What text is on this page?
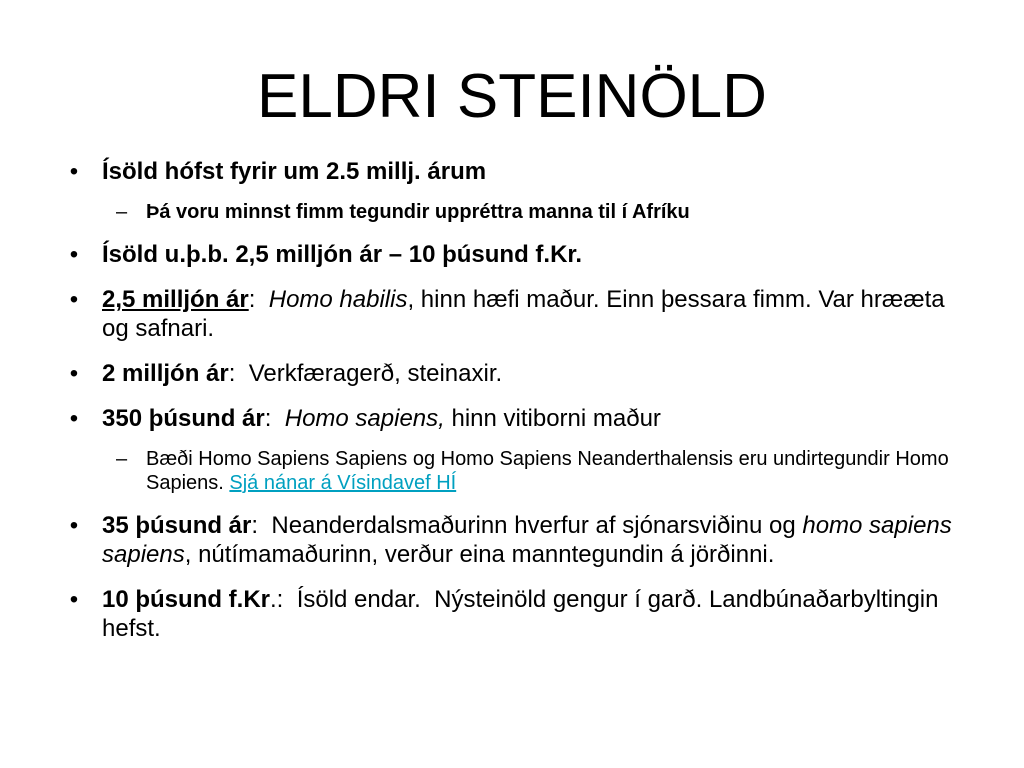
ELDRI STEINÖLD
• Ísöld hófst fyrir um 2.5 millj. árum
– Þá voru minnst fimm tegundir uppréttra manna til í Afríku
• Ísöld u.þ.b. 2,5 milljón ár – 10 þúsund f.Kr.
• 2,5 milljón ár:  Homo habilis, hinn hæfi maður. Einn þessara fimm. Var hrææta og safnari.
• 2 milljón ár:  Verkfæragerð, steinaxir.
• 350 þúsund ár:  Homo sapiens, hinn vitiborni maður
– Bæði Homo Sapiens Sapiens og Homo Sapiens Neanderthalensis eru undirtegundir Homo Sapiens. Sjá nánar á Vísindavef HÍ
• 35 þúsund ár:  Neanderdalsmaðurinn hverfur af sjónarsviðinu og homo sapiens sapiens, nútímamaðurinn, verður eina manntegundin á jörðinni.
• 10 þúsund f.Kr.:  Ísöld endar.  Nýsteinöld gengur í garð. Landbúnaðarbyltingin hefst.
